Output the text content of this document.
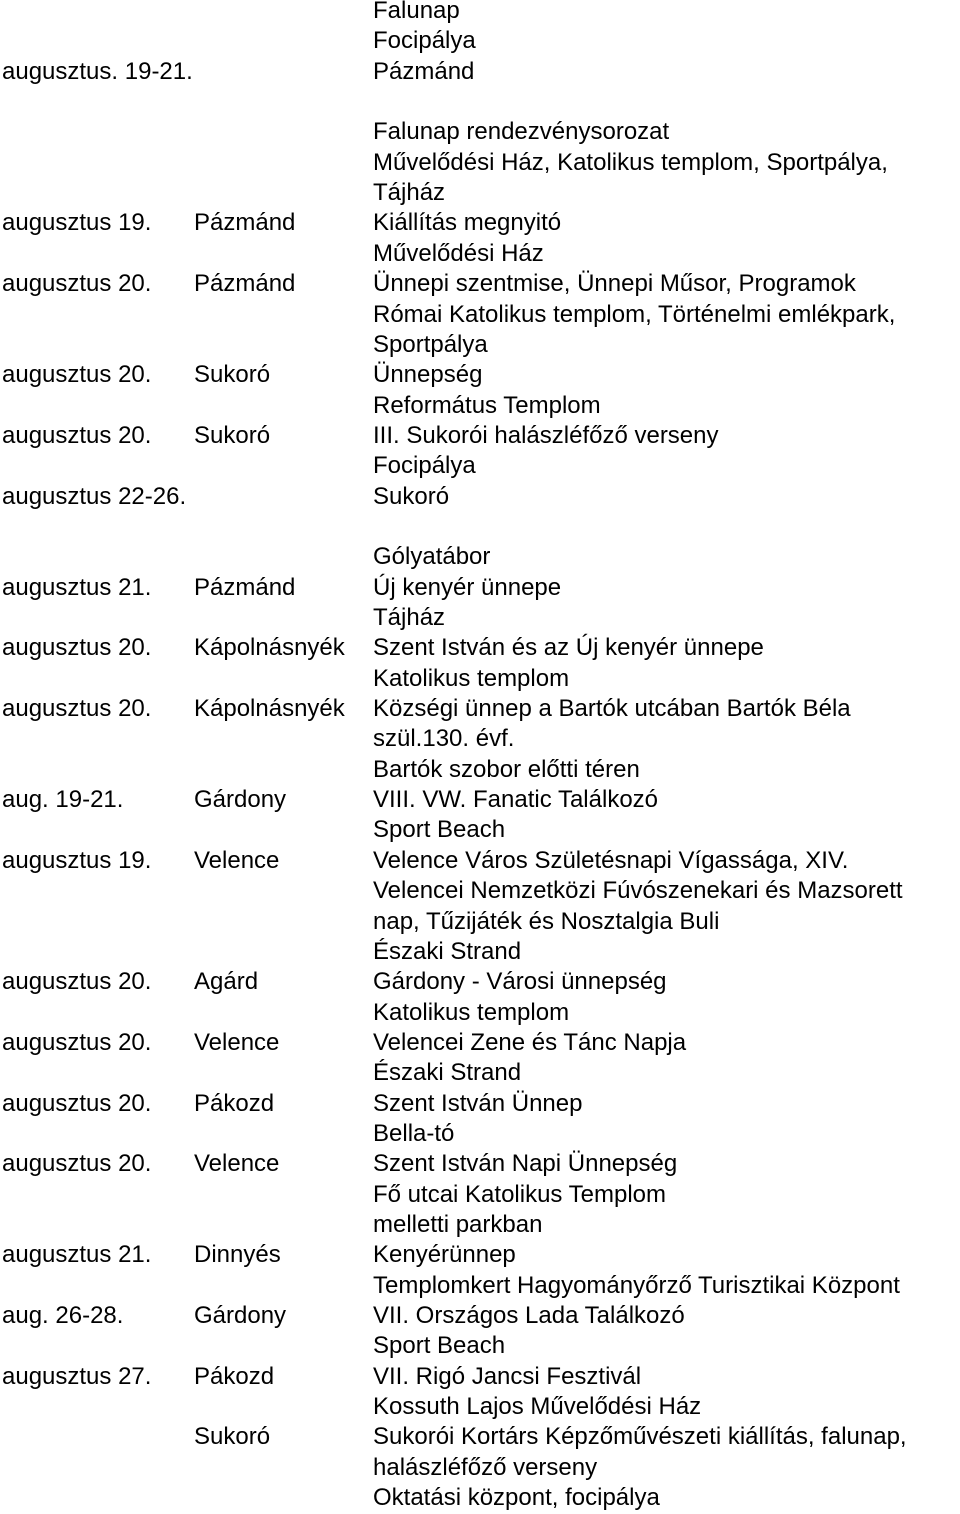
Falunap
Focipálya
augusztus. 19-21.	Pázmánd
Falunap rendezvénysorozat
Művelődési Ház, Katolikus templom, Sportpálya,
Tájház
augusztus 19. Pázmánd	Kiállítás megnyitó
Művelődési Ház
augusztus 20. Pázmánd	Ünnepi szentmise, Ünnepi Műsor, Programok
Római Katolikus templom, Történelmi emlékpark,
Sportpálya
augusztus 20. Sukoró	Ünnepség
Református Templom
augusztus 20. Sukoró	III. Sukorói halászléfőző verseny
Focipálya
augusztus 22-26.	Sukoró
Gólyatábor
augusztus 21. Pázmánd	Új kenyér ünnepe
Tájház
augusztus 20. Kápolnásnyék Szent István és az Új kenyér ünnepe
Katolikus templom
augusztus 20. Kápolnásnyék Községi ünnep a Bartók utcában Bartók Béla
szül.130. évf.
Bartók szobor előtti téren
aug. 19-21.	Gárdony	VIII. VW. Fanatic Találkozó
Sport Beach
augusztus 19. Velence	Velence Város Születésnapi Vígassága, XIV.
Velencei Nemzetközi Fúvószenekari és Mazsorett
nap, Tűzijáték és Nosztalgia Buli
Északi Strand
augusztus 20. Agárd	Gárdony - Városi ünnepség
Katolikus templom
augusztus 20. Velence	Velencei Zene és Tánc Napja
Északi Strand
augusztus 20. Pákozd	Szent István Ünnep
Bella-tó
augusztus 20. Velence	Szent István Napi Ünnepség
Fő utcai Katolikus Templom
melletti parkban
augusztus 21. Dinnyés	Kenyérünnep
Templomkert Hagyományőrző Turisztikai Központ
aug. 26-28.	Gárdony	VII. Országos Lada Találkozó
Sport Beach
augusztus 27. Pákozd	VII. Rigó Jancsi Fesztivál
Kossuth Lajos Művelődési Ház
Sukoró	Sukorói Kortárs Képzőművészeti kiállítás, falunap,
halászléfőző verseny
Oktatási központ, focipálya
